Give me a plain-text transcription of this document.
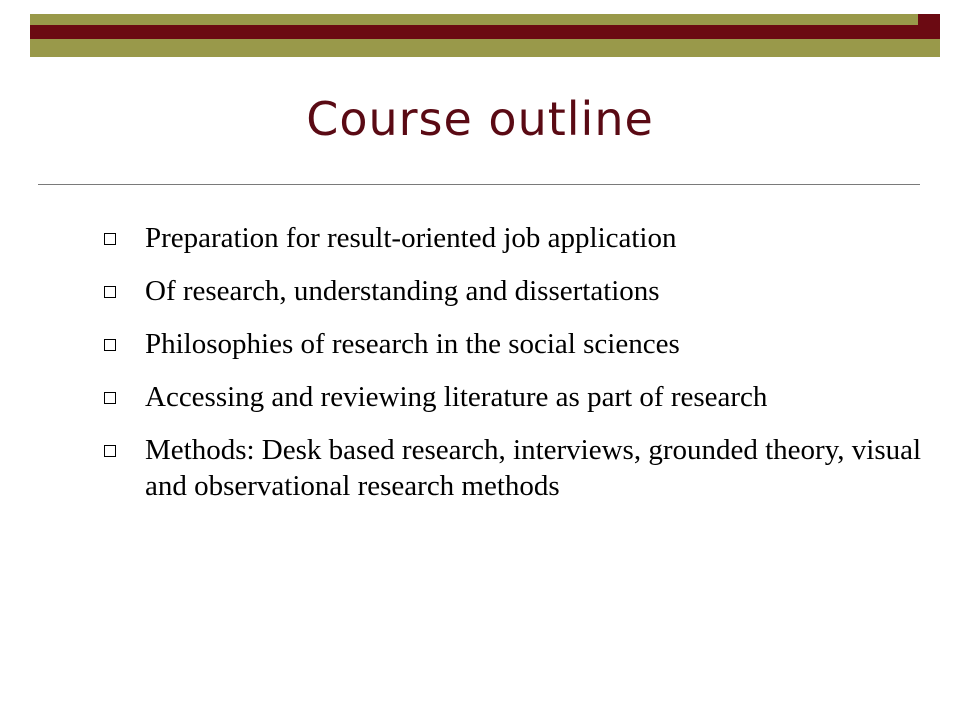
Course outline
Preparation for result-oriented job application
Of research, understanding and dissertations
Philosophies of research in the social sciences
Accessing and reviewing literature as part of research
Methods: Desk based research, interviews, grounded theory, visual and observational research methods
